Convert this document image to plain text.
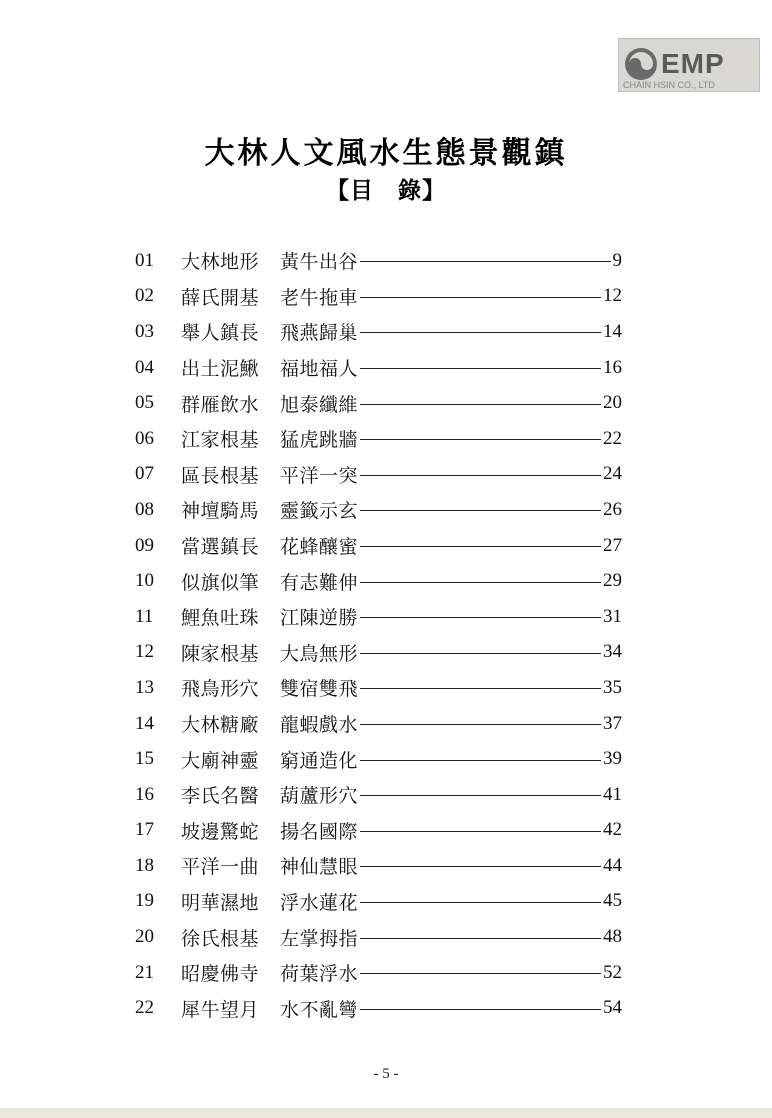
EMP
CHAIN HSIN CO., LTD
大林人文風水生態景觀鎮
【目　錄】
01	大林地形	黃牛出谷	9
02	薛氏開基	老牛拖車	12
03	舉人鎮長	飛燕歸巢	14
04	出土泥鰍	福地福人	16
05	群雁飲水	旭泰纖維	20
06	江家根基	猛虎跳牆	22
07	區長根基	平洋一突	24
08	神壇騎馬	靈籤示玄	26
09	當選鎮長	花蜂釀蜜	27
10	似旗似筆	有志難伸	29
11	鯉魚吐珠	江陳逆勝	31
12	陳家根基	大鳥無形	34
13	飛鳥形穴	雙宿雙飛	35
14	大林糖廠	龍蝦戲水	37
15	大廟神靈	窮通造化	39
16	李氏名醫	葫蘆形穴	41
17	坡邊驚蛇	揚名國際	42
18	平洋一曲	神仙慧眼	44
19	明華濕地	浮水蓮花	45
20	徐氏根基	左掌拇指	48
21	昭慶佛寺	荷葉浮水	52
22	犀牛望月	水不亂彎	54
- 5 -
